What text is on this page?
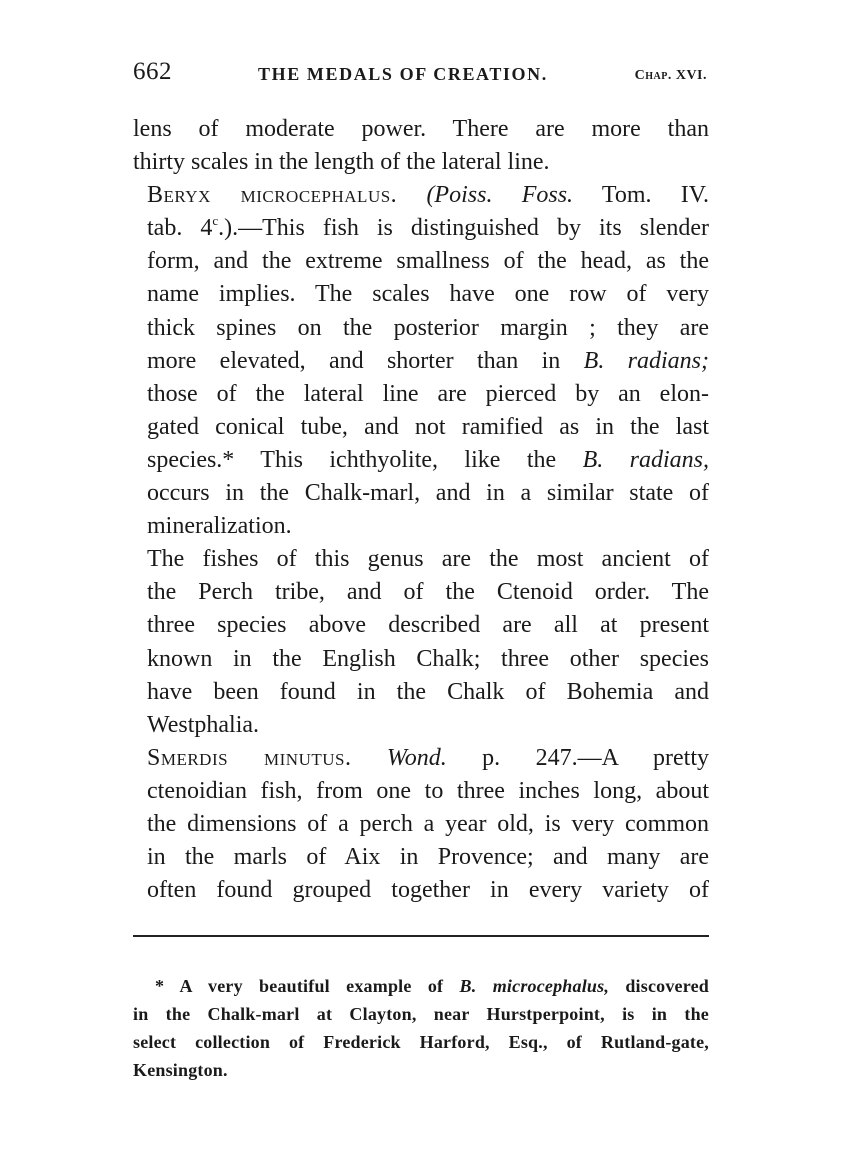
662	THE MEDALS OF CREATION.	Chap. XVI.

lens of moderate power. There are more than
thirty scales in the length of the lateral line.

Beryx microcephalus. (Poiss. Foss. Tom. IV.
tab. 4$^c$.).—This fish is distinguished by its slender
form, and the extreme smallness of the head, as the
name implies. The scales have one row of very
thick spines on the posterior margin ; they are
more elevated, and shorter than in B. radians;
those of the lateral line are pierced by an elon-
gated conical tube, and not ramified as in the last
species.* This ichthyolite, like the B. radians,
occurs in the Chalk-marl, and in a similar state of
mineralization.

The fishes of this genus are the most ancient of
the Perch tribe, and of the Ctenoid order. The
three species above described are all at present
known in the English Chalk; three other species
have been found in the Chalk of Bohemia and
Westphalia.

Smerdis minutus. Wond. p. 247.—A pretty
ctenoidian fish, from one to three inches long, about
the dimensions of a perch a year old, is very common
in the marls of Aix in Provence; and many are
often found grouped together in every variety of

* A very beautiful example of B. microcephalus, discovered
in the Chalk-marl at Clayton, near Hurstperpoint, is in the
select collection of Frederick Harford, Esq., of Rutland-gate,
Kensington.
